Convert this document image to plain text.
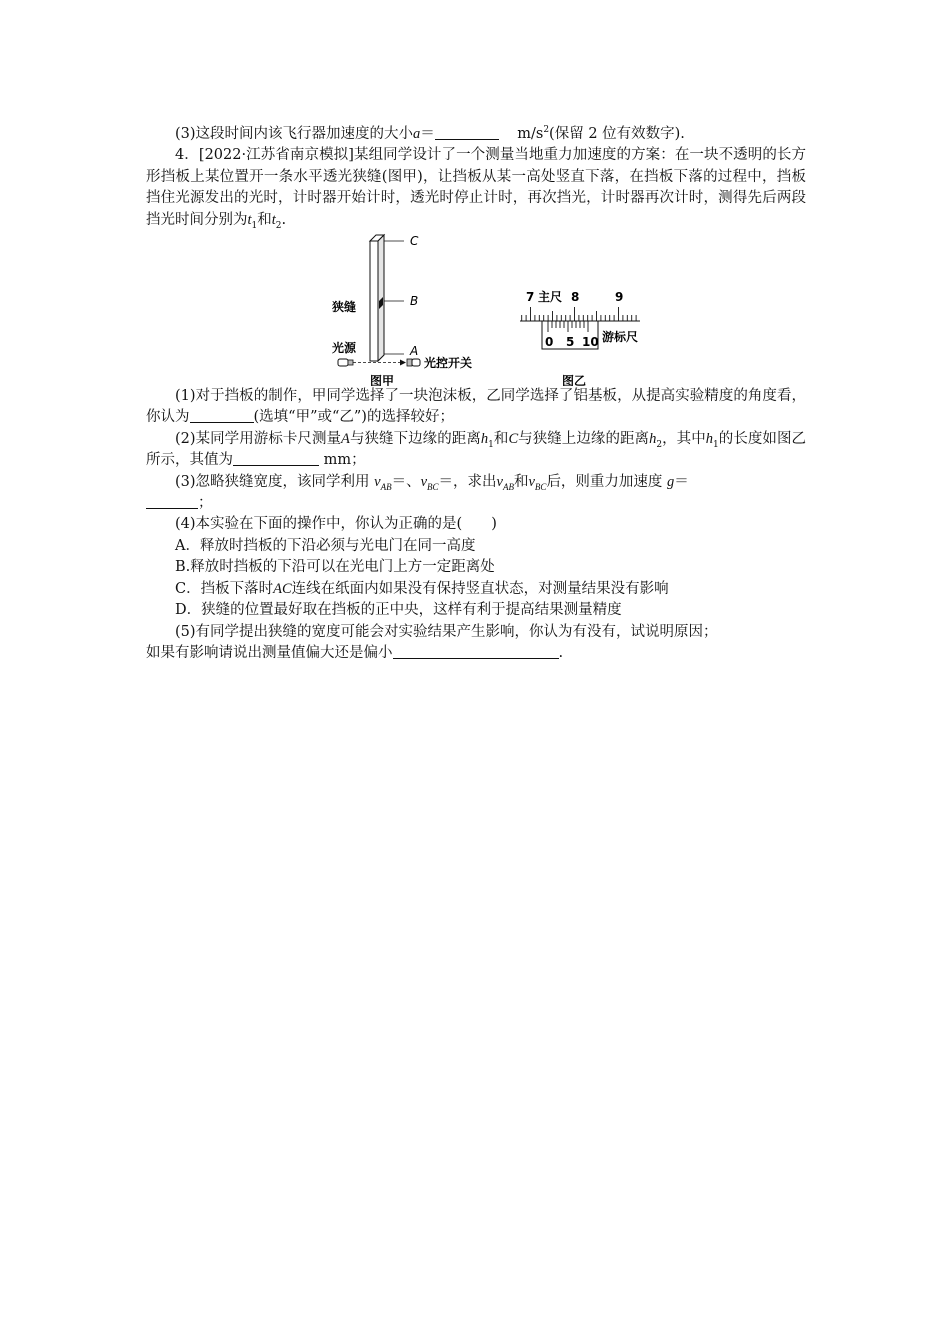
(3)这段时间内该飞行器加速度的大小a＝	$m/s^2$(保留 2 位有效数字).

4．[2022·江苏省南京模拟]某组同学设计了一个测量当地重力加速度的方案：在一块不透明的长方形挡板上某位置开一条水平透光狭缝(图甲)，让挡板从某一高处竖直下落，在挡板下落的过程中，挡板挡住光源发出的光时，计时器开始计时，透光时停止计时，再次挡光，计时器再次计时，测得先后两段挡光时间分别为$t_1$和$t_2$.

C
B
A
狭缝
光源
光控开关
图甲
7 主尺 8	9
0 5 10 游标尺
图乙

(1)对于挡板的制作，甲同学选择了一块泡沫板，乙同学选择了铝基板，从提高实验精度的角度看，你认为	(选填“甲”或“乙”)的选择较好；

(2)某同学用游标卡尺测量A与狭缝下边缘的距离$h_1$和C与狭缝上边缘的距离$h_2$，其中$h_1$的长度如图乙所示，其值为	mm；

(3)忽略狭缝宽度，该同学利用 $v_{AB}=$、$v_{BC}=$，求出$v_{AB}$和$v_{BC}$后，则重力加速度 g＝
；

(4)本实验在下面的操作中，你认为正确的是(　　)

A．释放时挡板的下沿必须与光电门在同一高度

B.释放时挡板的下沿可以在光电门上方一定距离处

C．挡板下落时AC连线在纸面内如果没有保持竖直状态，对测量结果没有影响

D．狭缝的位置最好取在挡板的正中央，这样有利于提高结果测量精度

(5)有同学提出狭缝的宽度可能会对实验结果产生影响，你认为有没有，试说明原因；

如果有影响请说出测量值偏大还是偏小	.
